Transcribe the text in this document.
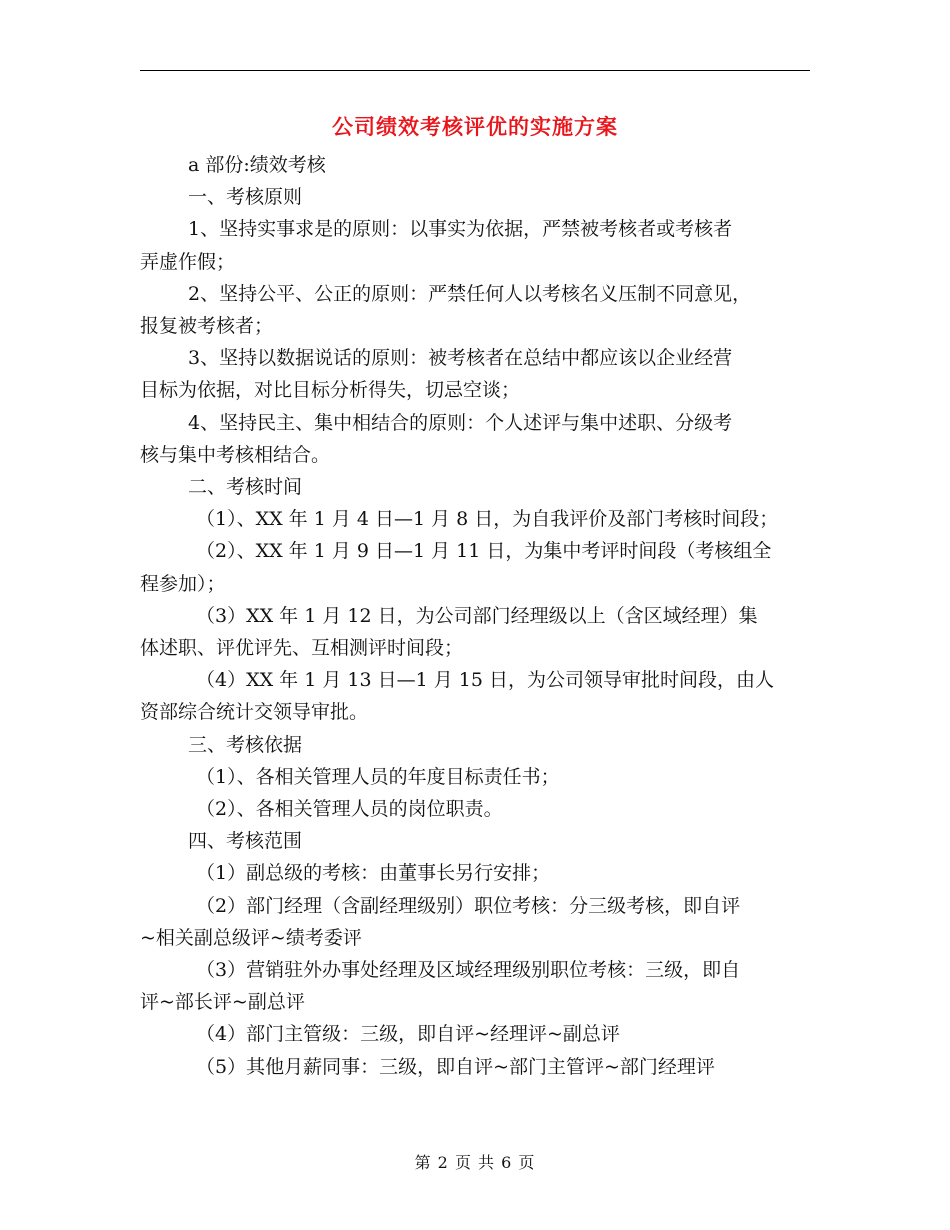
公司绩效考核评优的实施方案
a 部份:绩效考核
一、考核原则
1、坚持实事求是的原则：以事实为依据，严禁被考核者或考核者
弄虚作假；
2、坚持公平、公正的原则：严禁任何人以考核名义压制不同意见，
报复被考核者；
3、坚持以数据说话的原则：被考核者在总结中都应该以企业经营
目标为依据，对比目标分析得失，切忌空谈；
4、坚持民主、集中相结合的原则：个人述评与集中述职、分级考
核与集中考核相结合。
二、考核时间
（1）、XX 年 1 月 4 日—1 月 8 日，为自我评价及部门考核时间段；
（2）、XX 年 1 月 9 日—1 月 11 日，为集中考评时间段（考核组全
程参加）；
（3）XX 年 1 月 12 日，为公司部门经理级以上（含区域经理）集
体述职、评优评先、互相测评时间段；
（4）XX 年 1 月 13 日—1 月 15 日，为公司领导审批时间段，由人
资部综合统计交领导审批。
三、考核依据
（1）、各相关管理人员的年度目标责任书；
（2）、各相关管理人员的岗位职责。
四、考核范围
（1）副总级的考核：由董事长另行安排；
（2）部门经理（含副经理级别）职位考核：分三级考核，即自评
~相关副总级评~绩考委评
（3）营销驻外办事处经理及区域经理级别职位考核：三级，即自
评~部长评~副总评
（4）部门主管级：三级，即自评~经理评~副总评
（5）其他月薪同事：三级，即自评~部门主管评~部门经理评
第 2 页 共 6 页
